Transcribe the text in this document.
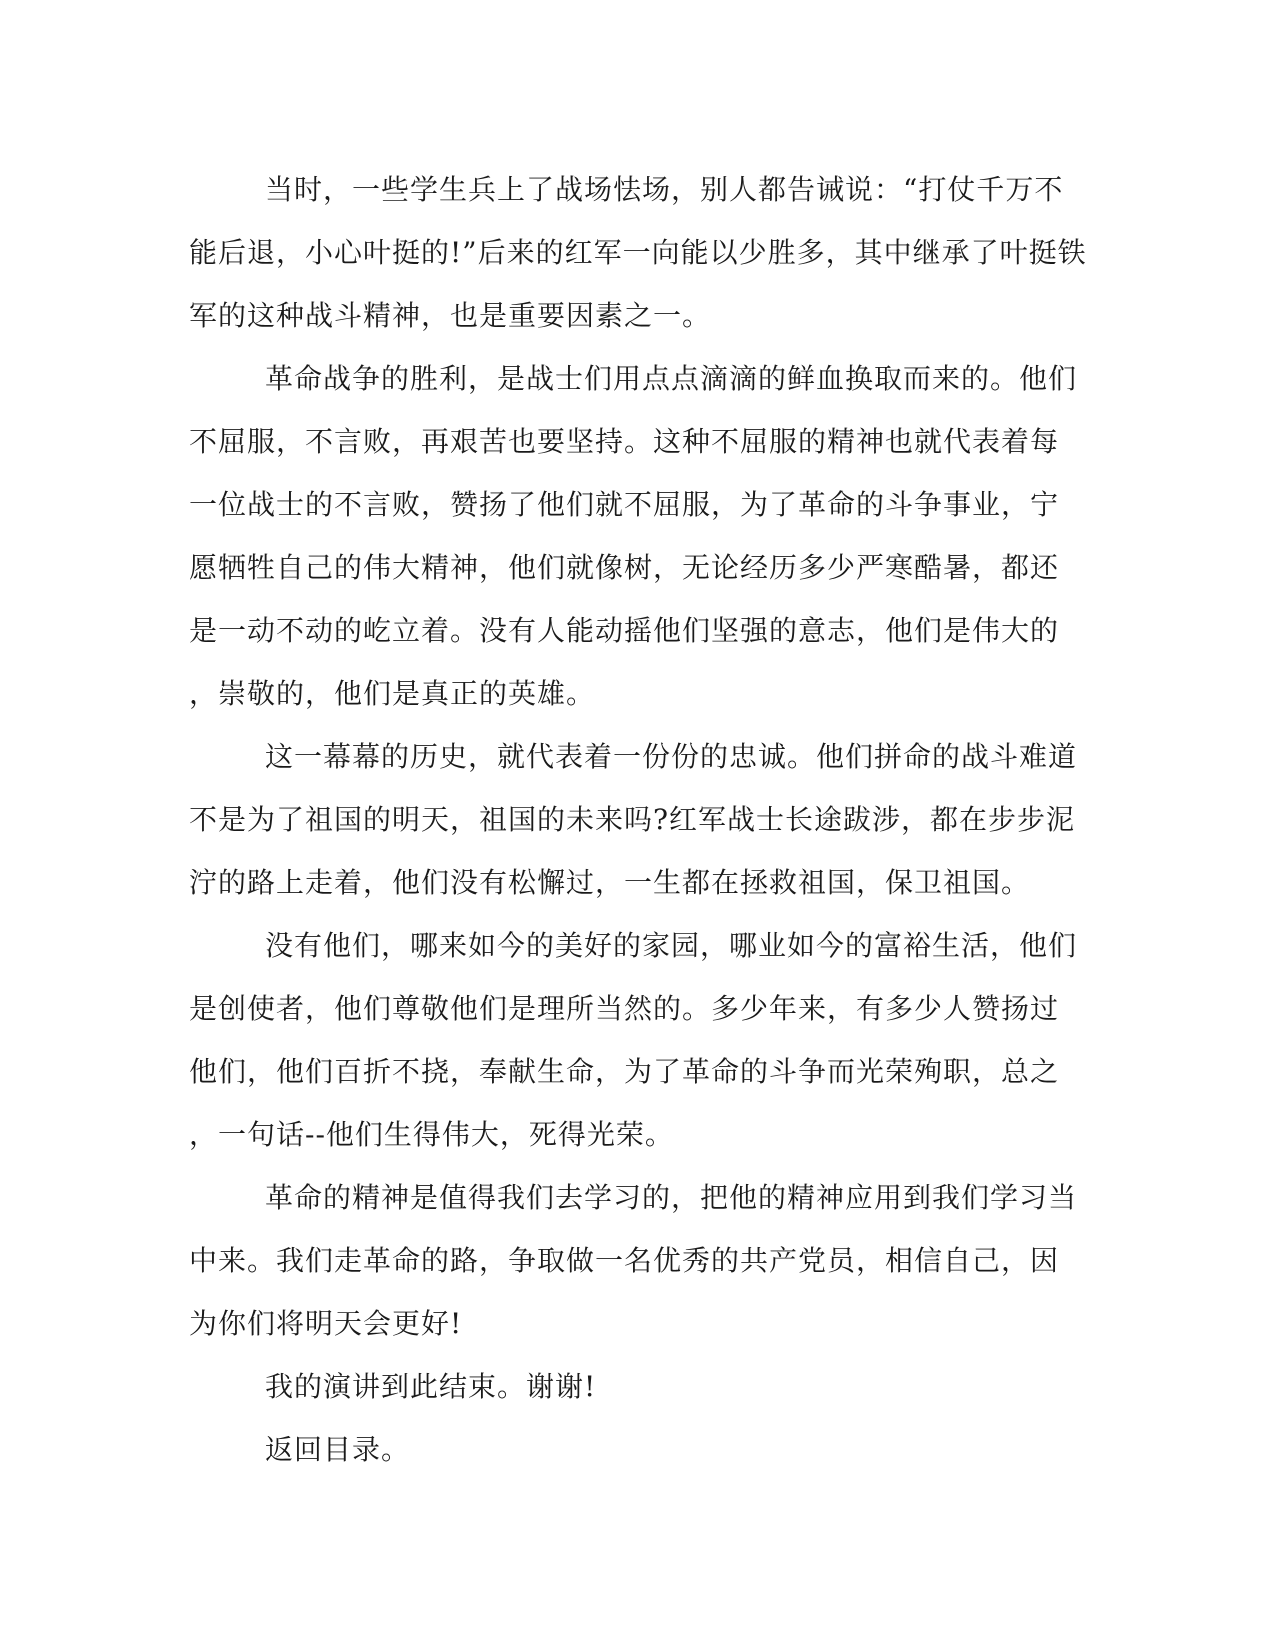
当时，一些学生兵上了战场怯场，别人都告诫说：“打仗千万不
能后退，小心叶挺的!”后来的红军一向能以少胜多，其中继承了叶挺铁
军的这种战斗精神，也是重要因素之一。

革命战争的胜利，是战士们用点点滴滴的鲜血换取而来的。他们
不屈服，不言败，再艰苦也要坚持。这种不屈服的精神也就代表着每
一位战士的不言败，赞扬了他们就不屈服，为了革命的斗争事业，宁
愿牺牲自己的伟大精神，他们就像树，无论经历多少严寒酷暑，都还
是一动不动的屹立着。没有人能动摇他们坚强的意志，他们是伟大的
，崇敬的，他们是真正的英雄。

这一幕幕的历史，就代表着一份份的忠诚。他们拼命的战斗难道
不是为了祖国的明天，祖国的未来吗?红军战士长途跋涉，都在步步泥
泞的路上走着，他们没有松懈过，一生都在拯救祖国，保卫祖国。

没有他们，哪来如今的美好的家园，哪业如今的富裕生活，他们
是创使者，他们尊敬他们是理所当然的。多少年来，有多少人赞扬过
他们，他们百折不挠，奉献生命，为了革命的斗争而光荣殉职，总之
，一句话--他们生得伟大，死得光荣。

革命的精神是值得我们去学习的，把他的精神应用到我们学习当
中来。我们走革命的路，争取做一名优秀的共产党员，相信自己，因
为你们将明天会更好!

我的演讲到此结束。谢谢!

返回目录。
